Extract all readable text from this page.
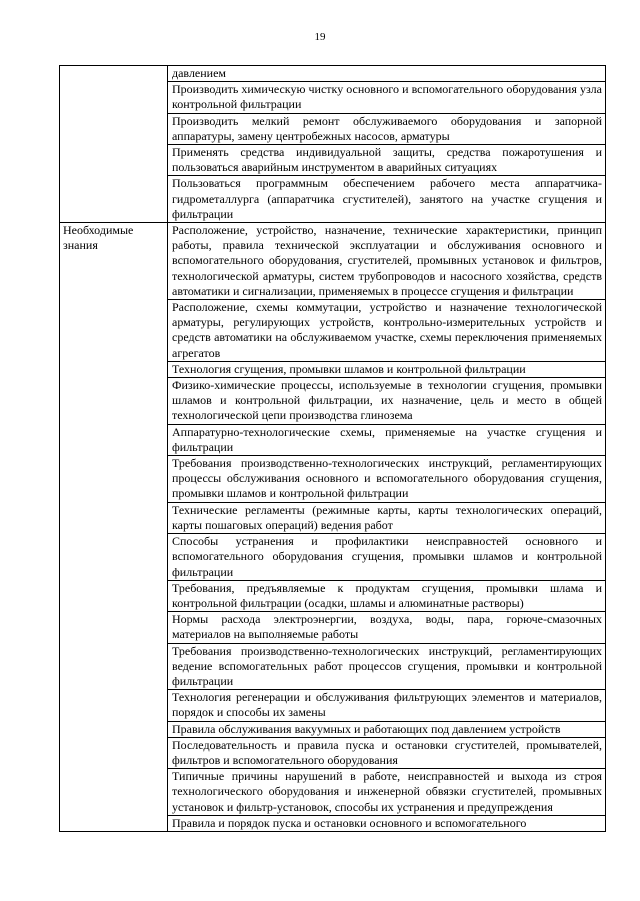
19

	давлением

	Производить химическую чистку основного и вспомогательного оборудования узла контрольной фильтрации

	Производить мелкий ремонт обслуживаемого оборудования и запорной аппаратуры, замену центробежных насосов, арматуры

	Применять средства индивидуальной защиты, средства пожаротушения и пользоваться аварийным инструментом в аварийных ситуациях

	Пользоваться программным обеспечением рабочего места аппаратчика-гидрометаллурга (аппаратчика сгустителей), занятого на участке сгущения и фильтрации

Необходимые знания	Расположение, устройство, назначение, технические характеристики, принцип работы, правила технической эксплуатации и обслуживания основного и вспомогательного оборудования, сгустителей, промывных установок и фильтров, технологической арматуры, систем трубопроводов и насосного хозяйства, средств автоматики и сигнализации, применяемых в процессе сгущения и фильтрации

	Расположение, схемы коммутации, устройство и назначение технологической арматуры, регулирующих устройств, контрольно-измерительных устройств и средств автоматики на обслуживаемом участке, схемы переключения применяемых агрегатов

	Технология сгущения, промывки шламов и контрольной фильтрации

	Физико-химические процессы, используемые в технологии сгущения, промывки шламов и контрольной фильтрации, их назначение, цель и место в общей технологической цепи производства глинозема

	Аппаратурно-технологические схемы, применяемые на участке сгущения и фильтрации

	Требования производственно-технологических инструкций, регламентирующих процессы обслуживания основного и вспомогательного оборудования сгущения, промывки шламов и контрольной фильтрации

	Технические регламенты (режимные карты, карты технологических операций, карты пошаговых операций) ведения работ

	Способы устранения и профилактики неисправностей основного и вспомогательного оборудования сгущения, промывки шламов и контрольной фильтрации

	Требования, предъявляемые к продуктам сгущения, промывки шлама и контрольной фильтрации (осадки, шламы и алюминатные растворы)

	Нормы расхода электроэнергии, воздуха, воды, пара, горюче-смазочных материалов на выполняемые работы

	Требования производственно-технологических инструкций, регламентирующих ведение вспомогательных работ процессов сгущения, промывки и контрольной фильтрации

	Технология регенерации и обслуживания фильтрующих элементов и материалов, порядок и способы их замены

	Правила обслуживания вакуумных и работающих под давлением устройств

	Последовательность и правила пуска и остановки сгустителей, промывателей, фильтров и вспомогательного оборудования

	Типичные причины нарушений в работе, неисправностей и выхода из строя технологического оборудования и инженерной обвязки сгустителей, промывных установок и фильтр-установок, способы их устранения и предупреждения

	Правила и порядок пуска и остановки основного и вспомогательного
